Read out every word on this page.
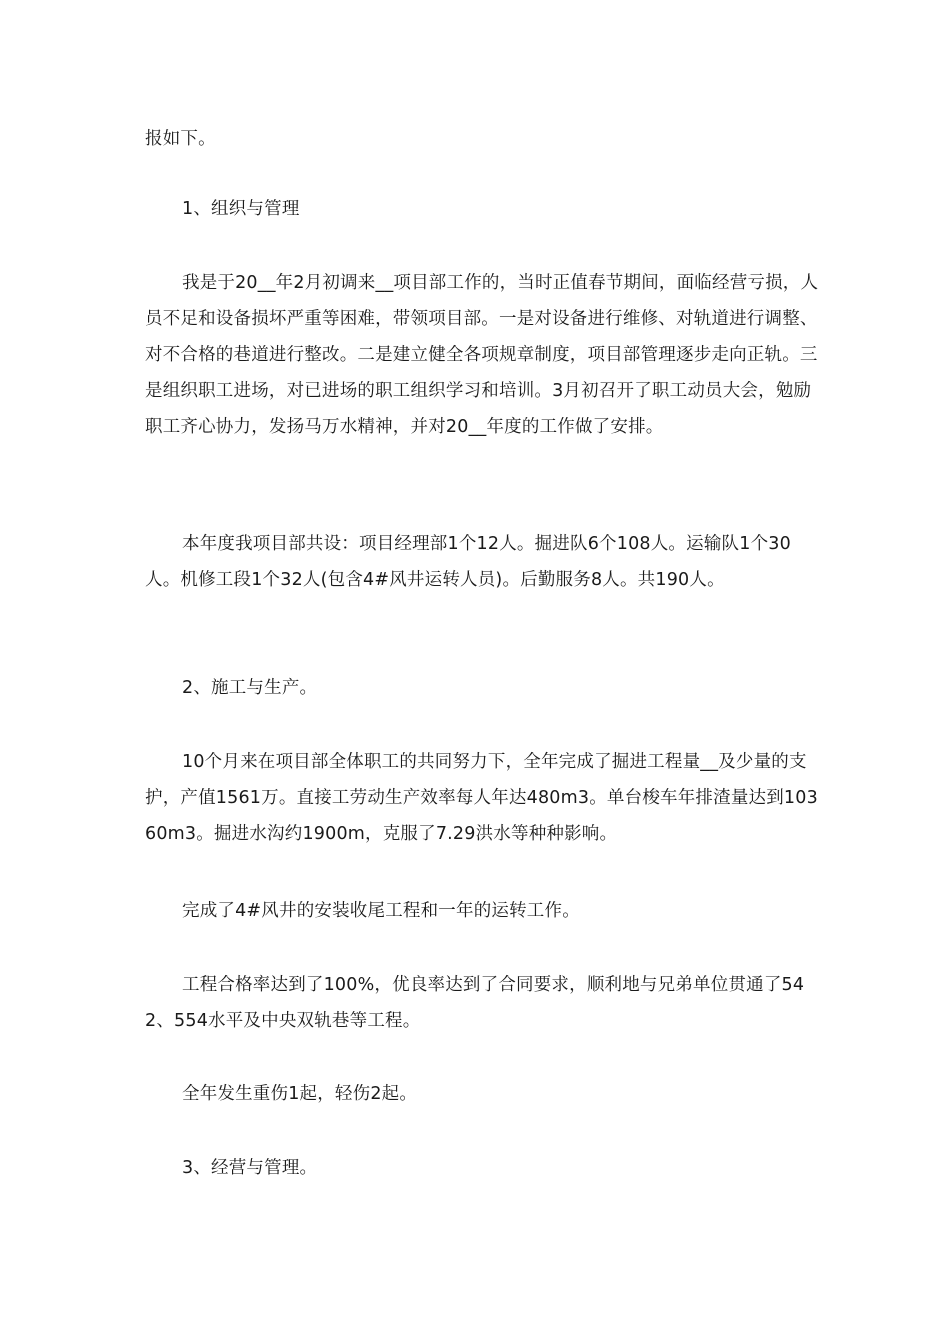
报如下。

1、组织与管理

我是于20__年2月初调来__项目部工作的，当时正值春节期间，面临经营亏损，人员不足和设备损坏严重等困难，带领项目部。一是对设备进行维修、对轨道进行调整、对不合格的巷道进行整改。二是建立健全各项规章制度，项目部管理逐步走向正轨。三是组织职工进场，对已进场的职工组织学习和培训。3月初召开了职工动员大会，勉励职工齐心协力，发扬马万水精神，并对20__年度的工作做了安排。

本年度我项目部共设：项目经理部1个12人。掘进队6个108人。运输队1个30人。机修工段1个32人(包含4#风井运转人员)。后勤服务8人。共190人。

2、施工与生产。

10个月来在项目部全体职工的共同努力下，全年完成了掘进工程量__及少量的支护，产值1561万。直接工劳动生产效率每人年达480m3。单台梭车年排渣量达到10360m3。掘进水沟约1900m，克服了7.29洪水等种种影响。

完成了4#风井的安装收尾工程和一年的运转工作。

工程合格率达到了100%，优良率达到了合同要求，顺利地与兄弟单位贯通了542、554水平及中央双轨巷等工程。

全年发生重伤1起，轻伤2起。

3、经营与管理。
